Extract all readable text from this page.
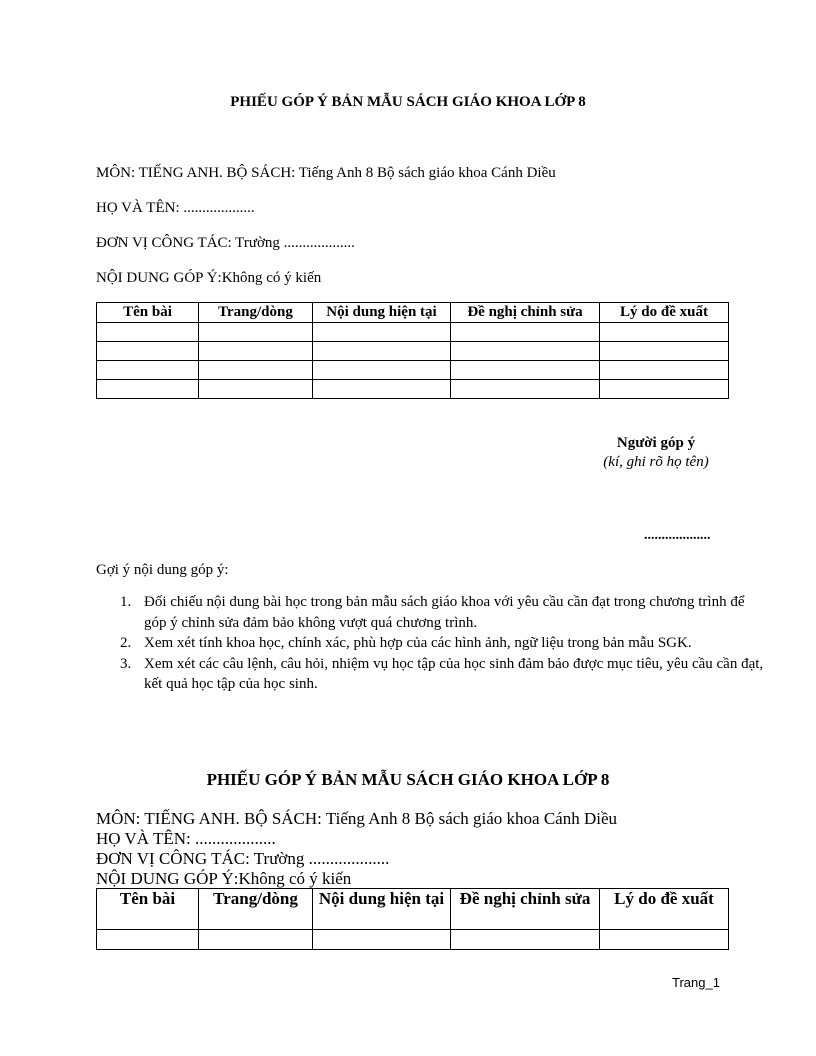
PHIẾU GÓP Ý BẢN MẪU SÁCH GIÁO KHOA LỚP 8
MÔN: TIẾNG ANH. BỘ SÁCH: Tiếng Anh 8 Bộ sách giáo khoa Cánh Diều
HỌ VÀ TÊN: ...................
ĐƠN VỊ CÔNG TÁC: Trường ...................
NỘI DUNG GÓP Ý:Không có ý kiến
Tên bài	Trang/dòng	Nội dung hiện tại	Đề nghị chỉnh sửa	Lý do đề xuất

Người góp ý
(kí, ghi rõ họ tên)
...................
Gợi ý nội dung góp ý:
1. Đối chiếu nội dung bài học trong bản mẫu sách giáo khoa với yêu cầu cần đạt trong chương trình để góp ý chỉnh sửa đảm bảo không vượt quá chương trình.
2. Xem xét tính khoa học, chính xác, phù hợp của các hình ảnh, ngữ liệu trong bản mẫu SGK.
3. Xem xét các câu lệnh, câu hỏi, nhiệm vụ học tập của học sinh đảm bảo được mục tiêu, yêu cầu cần đạt, kết quả học tập của học sinh.
PHIẾU GÓP Ý BẢN MẪU SÁCH GIÁO KHOA LỚP 8
MÔN: TIẾNG ANH. BỘ SÁCH: Tiếng Anh 8 Bộ sách giáo khoa Cánh Diều
HỌ VÀ TÊN: ...................
ĐƠN VỊ CÔNG TÁC: Trường ...................
NỘI DUNG GÓP Ý:Không có ý kiến
Tên bài	Trang/dòng	Nội dung hiện tại	Đề nghị chỉnh sửa	Lý do đề xuất

Trang_1
